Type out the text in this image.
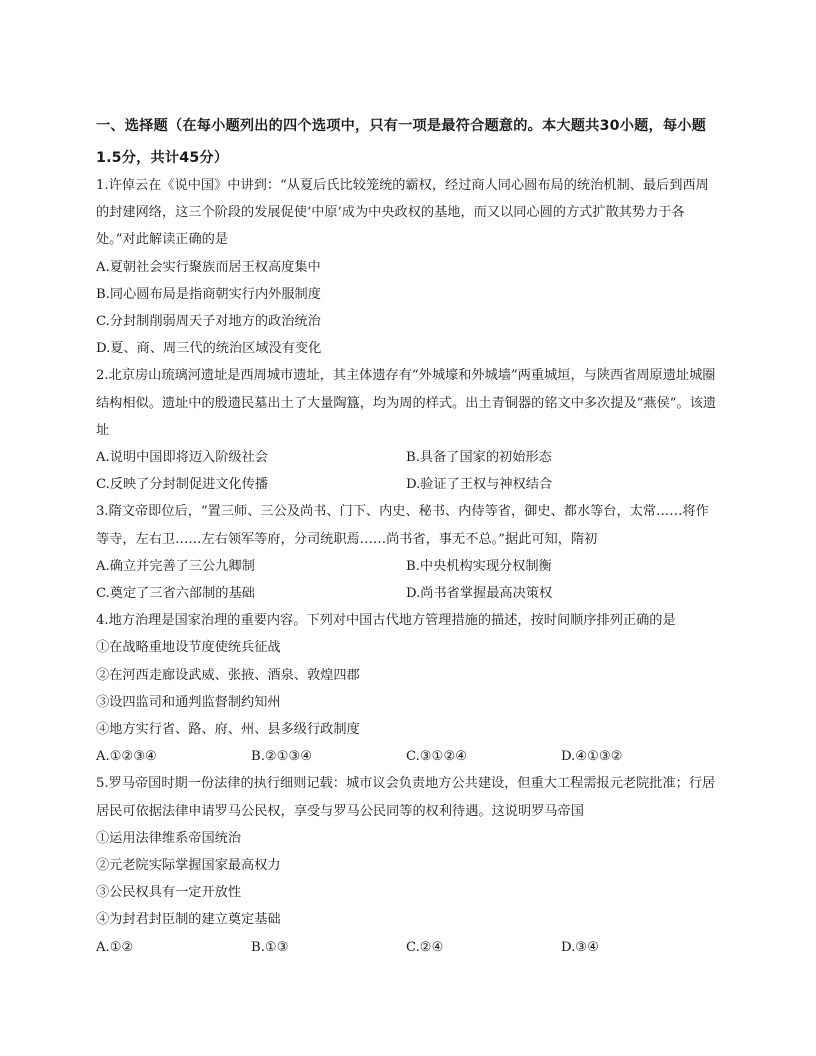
一、选择题（在每小题列出的四个选项中，只有一项是最符合题意的。本大题共30小题，每小题1.5分，共计45分）

1.许倬云在《说中国》中讲到：“从夏后氏比较笼统的霸权，经过商人同心圆布局的统治机制、最后到西周的封建网络，这三个阶段的发展促使‘中原’成为中央政权的基地，而又以同心圆的方式扩散其势力于各处。”对此解读正确的是

A.夏朝社会实行聚族而居王权高度集中

B.同心圆布局是指商朝实行内外服制度

C.分封制削弱周天子对地方的政治统治

D.夏、商、周三代的统治区域没有变化

2.北京房山琉璃河遗址是西周城市遗址，其主体遗存有“外城壕和外城墙”两重城垣，与陕西省周原遗址城圈结构相似。遗址中的殷遗民墓出土了大量陶簋，均为周的样式。出土青铜器的铭文中多次提及“燕侯”。该遗址

A.说明中国即将迈入阶级社会	B.具备了国家的初始形态
C.反映了分封制促进文化传播	D.验证了王权与神权结合

3.隋文帝即位后，“置三师、三公及尚书、门下、内史、秘书、内侍等省，御史、都水等台，太常……将作等寺，左右卫……左右领军等府，分司统职焉……尚书省，事无不总。”据此可知，隋初

A.确立并完善了三公九卿制	B.中央机构实现分权制衡
C.奠定了三省六部制的基础	D.尚书省掌握最高决策权

4.地方治理是国家治理的重要内容。下列对中国古代地方管理措施的描述，按时间顺序排列正确的是

①在战略重地设节度使统兵征战

②在河西走廊设武威、张掖、酒泉、敦煌四郡

③设四监司和通判监督制约知州

④地方实行省、路、府、州、县多级行政制度

A.①②③④	B.②①③④	C.③①②④	D.④①③②

5.罗马帝国时期一份法律的执行细则记载：城市议会负责地方公共建设，但重大工程需报元老院批准；行居居民可依据法律申请罗马公民权，享受与罗马公民同等的权利待遇。这说明罗马帝国

①运用法律维系帝国统治

②元老院实际掌握国家最高权力

③公民权具有一定开放性

④为封君封臣制的建立奠定基础

A.①②	B.①③	C.②④	D.③④
